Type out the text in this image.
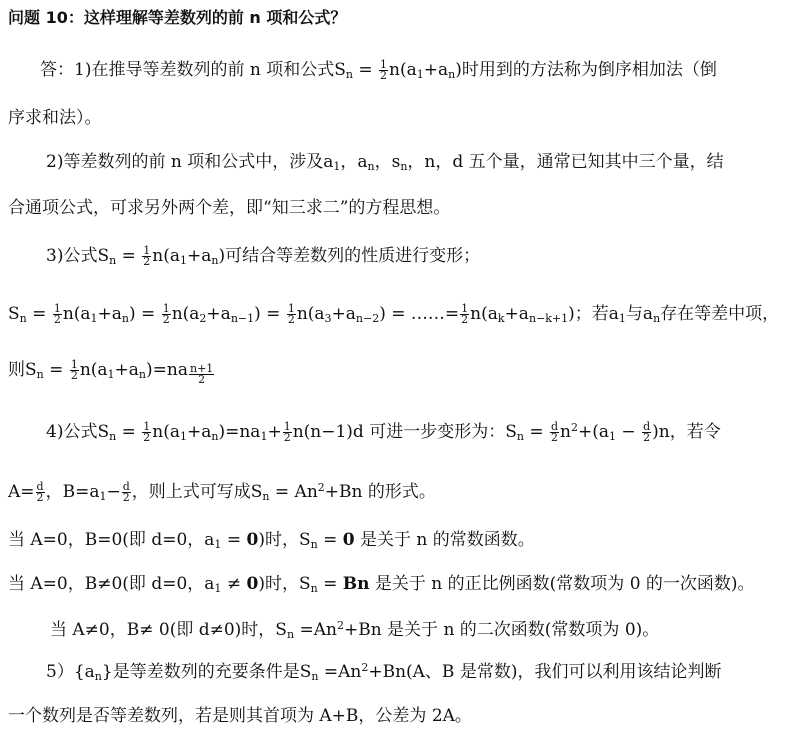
问题 10：这样理解等差数列的前 n 项和公式？
答：1)在推导等差数列的前 n 项和公式$S_n = \frac{1}{2} n(a_1+a_n)$时用到的方法称为倒序相加法（倒
序求和法）。
2)等差数列的前 n 项和公式中，涉及$a_1$，$a_n$，$s_n$，n，d 五个量，通常已知其中三个量，结
合通项公式，可求另外两个差，即“知三求二”的方程思想。
3)公式$S_n = \frac{1}{2} n(a_1+a_n)$可结合等差数列的性质进行变形；
$S_n = \frac{1}{2} n(a_1+a_n) = \frac{1}{2} n(a_2+a_{n-1}) = \frac{1}{2} n(a_3+a_{n-2})$ = ……= $\frac{1}{2} n(a_k+a_{n-k+1})$；若$a_1$与$a_n$存在等差中项，
则$S_n = \frac{1}{2} n(a_1+a_n)=na \frac{n+1}{2}$
4)公式$S_n = \frac{1}{2} n(a_1+a_n)=na_1+ \frac{1}{2} n(n-1)d$ 可进一步变形为：$S_n = \frac{d}{2} n^2+(a_1 - \frac{d}{2} )n$，若令
$A= \frac{d}{2}$ ，$B=a_1- \frac{d}{2}$ ，则上式可写成$S_n = An^2+Bn$ 的形式。
当 A=0，B=0(即 d=0，$a_1 = 0$)时，$S_n = 0$ 是关于 n 的常数函数。
当 A=0，B≠0(即 d=0，$a_1 \ne 0$)时，$S_n = Bn$ 是关于 n 的正比例函数(常数项为 0 的一次函数)。
当 A≠0，B≠ 0(即 d≠0)时，$S_n =An^2+Bn$ 是关于 n 的二次函数(常数项为 0)。
$5)\{a_n\}$是等差数列的充要条件是$S_n =An^2+Bn(A$、B 是常数)，我们可以利用该结论判断
一个数列是否等差数列，若是则其首项为 A+B，公差为 2A。
